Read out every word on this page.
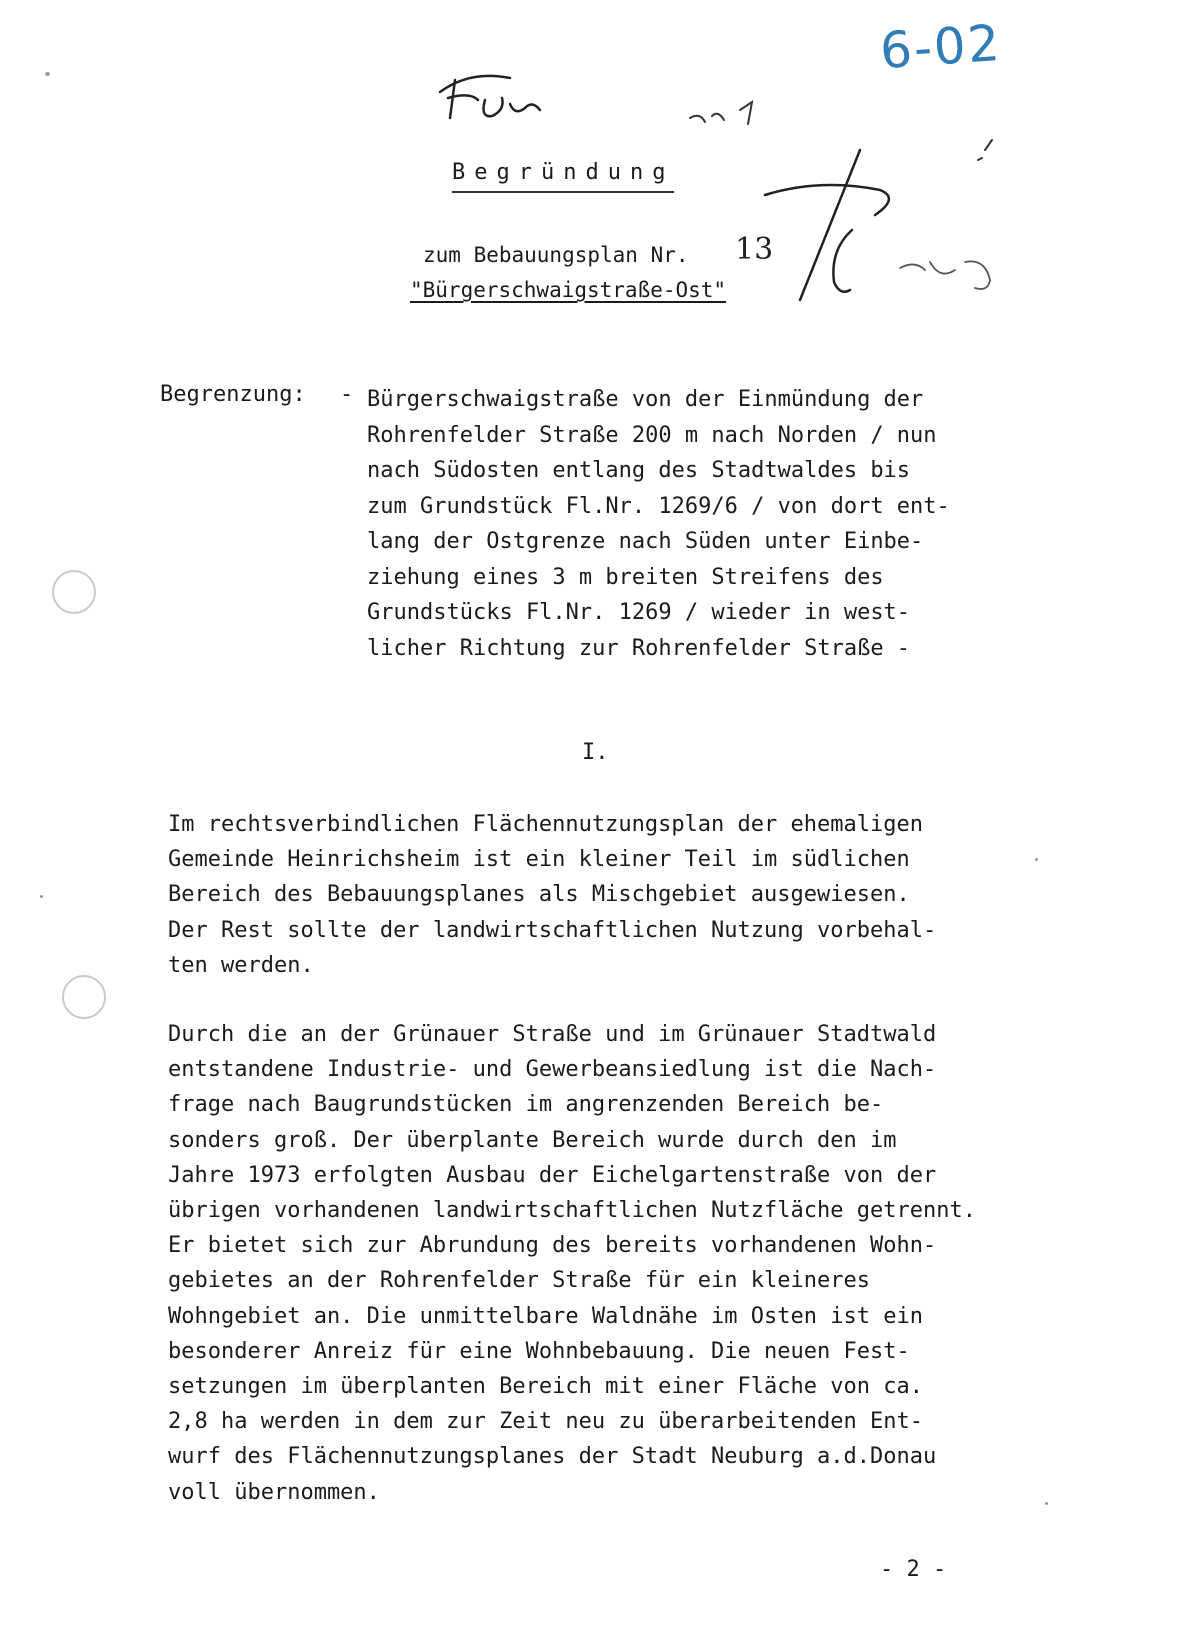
6-02
Begründung
zum Bebauungsplan Nr. 13
"Bürgerschwaigstraße-Ost"
Begrenzung: - Bürgerschwaigstraße von der Einmündung der
Rohrenfelder Straße 200 m nach Norden / nun
nach Südosten entlang des Stadtwaldes bis
zum Grundstück Fl.Nr. 1269/6 / von dort ent-
lang der Ostgrenze nach Süden unter Einbe-
ziehung eines 3 m breiten Streifens des
Grundstücks Fl.Nr. 1269 / wieder in west-
licher Richtung zur Rohrenfelder Straße -
I.
Im rechtsverbindlichen Flächennutzungsplan der ehemaligen
Gemeinde Heinrichsheim ist ein kleiner Teil im südlichen
Bereich des Bebauungsplanes als Mischgebiet ausgewiesen.
Der Rest sollte der landwirtschaftlichen Nutzung vorbehal-
ten werden.
Durch die an der Grünauer Straße und im Grünauer Stadtwald
entstandene Industrie- und Gewerbeansiedlung ist die Nach-
frage nach Baugrundstücken im angrenzenden Bereich be-
sonders groß. Der überplante Bereich wurde durch den im
Jahre 1973 erfolgten Ausbau der Eichelgartenstraße von der
übrigen vorhandenen landwirtschaftlichen Nutzfläche getrennt.
Er bietet sich zur Abrundung des bereits vorhandenen Wohn-
gebietes an der Rohrenfelder Straße für ein kleineres
Wohngebiet an. Die unmittelbare Waldnähe im Osten ist ein
besonderer Anreiz für eine Wohnbebauung. Die neuen Fest-
setzungen im überplanten Bereich mit einer Fläche von ca.
2,8 ha werden in dem zur Zeit neu zu überarbeitenden Ent-
wurf des Flächennutzungsplanes der Stadt Neuburg a.d.Donau
voll übernommen.
- 2 -
